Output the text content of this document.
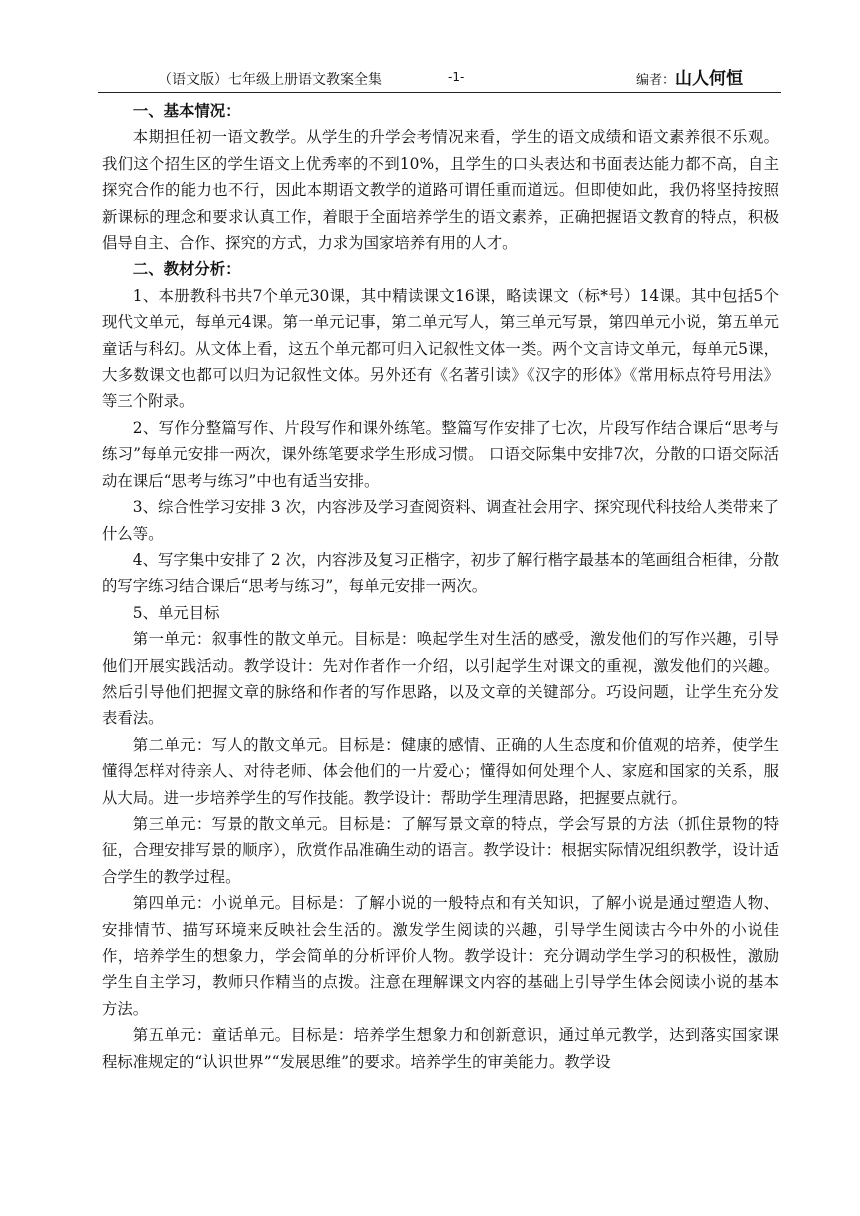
（语文版）七年级上册语文教案全集	-1-	编者：山人何恒

一、基本情况：

本期担任初一语文教学。从学生的升学会考情况来看，学生的语文成绩和语文素养很不乐观。我们这个招生区的学生语文上优秀率的不到10%，且学生的口头表达和书面表达能力都不高，自主探究合作的能力也不行，因此本期语文教学的道路可谓任重而道远。但即使如此，我仍将坚持按照新课标的理念和要求认真工作，着眼于全面培养学生的语文素养，正确把握语文教育的特点，积极倡导自主、合作、探究的方式，力求为国家培养有用的人才。

二、教材分析：

1、本册教科书共7个单元30课，其中精读课文16课，略读课文（标*号）14课。其中包括5个现代文单元，每单元4课。第一单元记事，第二单元写人，第三单元写景，第四单元小说，第五单元童话与科幻。从文体上看，这五个单元都可归入记叙性文体一类。两个文言诗文单元，每单元5课，大多数课文也都可以归为记叙性文体。另外还有《名著引读》《汉字的形体》《常用标点符号用法》等三个附录。

2、写作分整篇写作、片段写作和课外练笔。整篇写作安排了七次，片段写作结合课后“思考与练习”每单元安排一两次，课外练笔要求学生形成习惯。 口语交际集中安排7次，分散的口语交际活动在课后“思考与练习”中也有适当安排。

3、综合性学习安排 3 次，内容涉及学习查阅资料、调查社会用字、探究现代科技给人类带来了什么等。

4、写字集中安排了 2 次，内容涉及复习正楷字，初步了解行楷字最基本的笔画组合柜律，分散的写字练习结合课后“思考与练习”，每单元安排一两次。

5、单元目标

第一单元：叙事性的散文单元。目标是：唤起学生对生活的感受，激发他们的写作兴趣，引导他们开展实践活动。教学设计：先对作者作一介绍，以引起学生对课文的重视，激发他们的兴趣。然后引导他们把握文章的脉络和作者的写作思路，以及文章的关键部分。巧设问题，让学生充分发表看法。

第二单元：写人的散文单元。目标是：健康的感情、正确的人生态度和价值观的培养，使学生懂得怎样对待亲人、对待老师、体会他们的一片爱心；懂得如何处理个人、家庭和国家的关系，服从大局。进一步培养学生的写作技能。教学设计：帮助学生理清思路，把握要点就行。

第三单元：写景的散文单元。目标是：了解写景文章的特点，学会写景的方法（抓住景物的特征，合理安排写景的顺序），欣赏作品准确生动的语言。教学设计：根据实际情况组织教学，设计适合学生的教学过程。

第四单元：小说单元。目标是：了解小说的一般特点和有关知识，了解小说是通过塑造人物、安排情节、描写环境来反映社会生活的。激发学生阅读的兴趣，引导学生阅读古今中外的小说佳作，培养学生的想象力，学会简单的分析评价人物。教学设计：充分调动学生学习的积极性，激励学生自主学习，教师只作精当的点拨。注意在理解课文内容的基础上引导学生体会阅读小说的基本方法。

第五单元：童话单元。目标是：培养学生想象力和创新意识，通过单元教学，达到落实国家课程标准规定的“认识世界”“发展思维”的要求。培养学生的审美能力。教学设
